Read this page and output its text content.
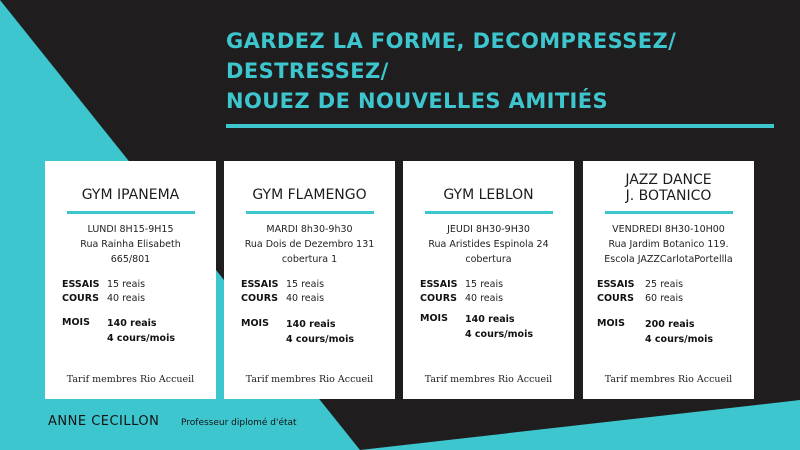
GARDEZ LA FORME, DECOMPRESSEZ/
DESTRESSEZ/
NOUEZ DE NOUVELLES AMITIÉS
GYM IPANEMA
LUNDI 8H15-9H15
Rua Rainha Elisabeth
665/801
ESSAIS 15 reais
COURS 40 reais
MOIS 140 reais
4 cours/mois
Tarif membres Rio Accueil
GYM FLAMENGO
MARDI 8h30-9h30
Rua Dois de Dezembro 131
cobertura 1
ESSAIS 15 reais
COURS 40 reais
MOIS 140 reais
4 cours/mois
Tarif membres Rio Accueil
GYM LEBLON
JEUDI 8H30-9H30
Rua Aristides Espinola 24
cobertura
ESSAIS 15 reais
COURS 40 reais
MOIS 140 reais
4 cours/mois
Tarif membres Rio Accueil
JAZZ DANCE
J. BOTANICO
VENDREDI 8H30-10H00
Rua Jardim Botanico 119.
Escola JAZZCarlotaPortellla
ESSAIS 25 reais
COURS 60 reais
MOIS 200 reais
4 cours/mois
Tarif membres Rio Accueil
ANNE CECILLON Professeur diplomé d'état
